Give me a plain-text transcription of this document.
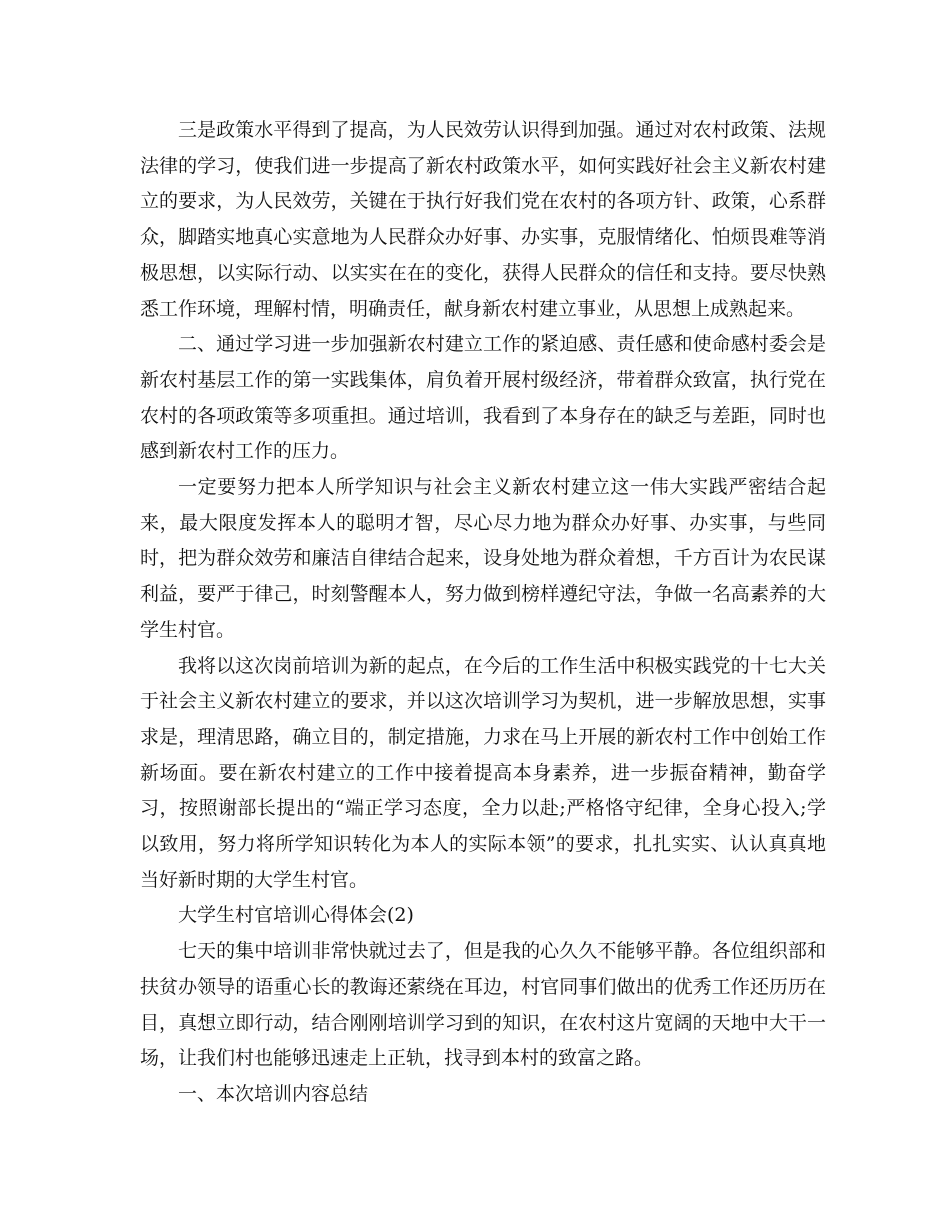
三是政策水平得到了提高，为人民效劳认识得到加强。通过对农村政策、法规法律的学习，使我们进一步提高了新农村政策水平，如何实践好社会主义新农村建立的要求，为人民效劳，关键在于执行好我们党在农村的各项方针、政策，心系群众，脚踏实地真心实意地为人民群众办好事、办实事，克服情绪化、怕烦畏难等消极思想，以实际行动、以实实在在的变化，获得人民群众的信任和支持。要尽快熟悉工作环境，理解村情，明确责任，献身新农村建立事业，从思想上成熟起来。

二、通过学习进一步加强新农村建立工作的紧迫感、责任感和使命感村委会是新农村基层工作的第一实践集体，肩负着开展村级经济，带着群众致富，执行党在农村的各项政策等多项重担。通过培训，我看到了本身存在的缺乏与差距，同时也感到新农村工作的压力。

一定要努力把本人所学知识与社会主义新农村建立这一伟大实践严密结合起来，最大限度发挥本人的聪明才智，尽心尽力地为群众办好事、办实事，与些同时，把为群众效劳和廉洁自律结合起来，设身处地为群众着想，千方百计为农民谋利益，要严于律己，时刻警醒本人，努力做到榜样遵纪守法，争做一名高素养的大学生村官。

我将以这次岗前培训为新的起点，在今后的工作生活中积极实践党的十七大关于社会主义新农村建立的要求，并以这次培训学习为契机，进一步解放思想，实事求是，理清思路，确立目的，制定措施，力求在马上开展的新农村工作中创始工作新场面。要在新农村建立的工作中接着提高本身素养，进一步振奋精神，勤奋学习，按照谢部长提出的“端正学习态度，全力以赴;严格恪守纪律，全身心投入;学以致用，努力将所学知识转化为本人的实际本领”的要求，扎扎实实、认认真真地当好新时期的大学生村官。

大学生村官培训心得体会(2)

七天的集中培训非常快就过去了，但是我的心久久不能够平静。各位组织部和扶贫办领导的语重心长的教诲还萦绕在耳边，村官同事们做出的优秀工作还历历在目，真想立即行动，结合刚刚培训学习到的知识，在农村这片宽阔的天地中大干一场，让我们村也能够迅速走上正轨，找寻到本村的致富之路。

一、本次培训内容总结
